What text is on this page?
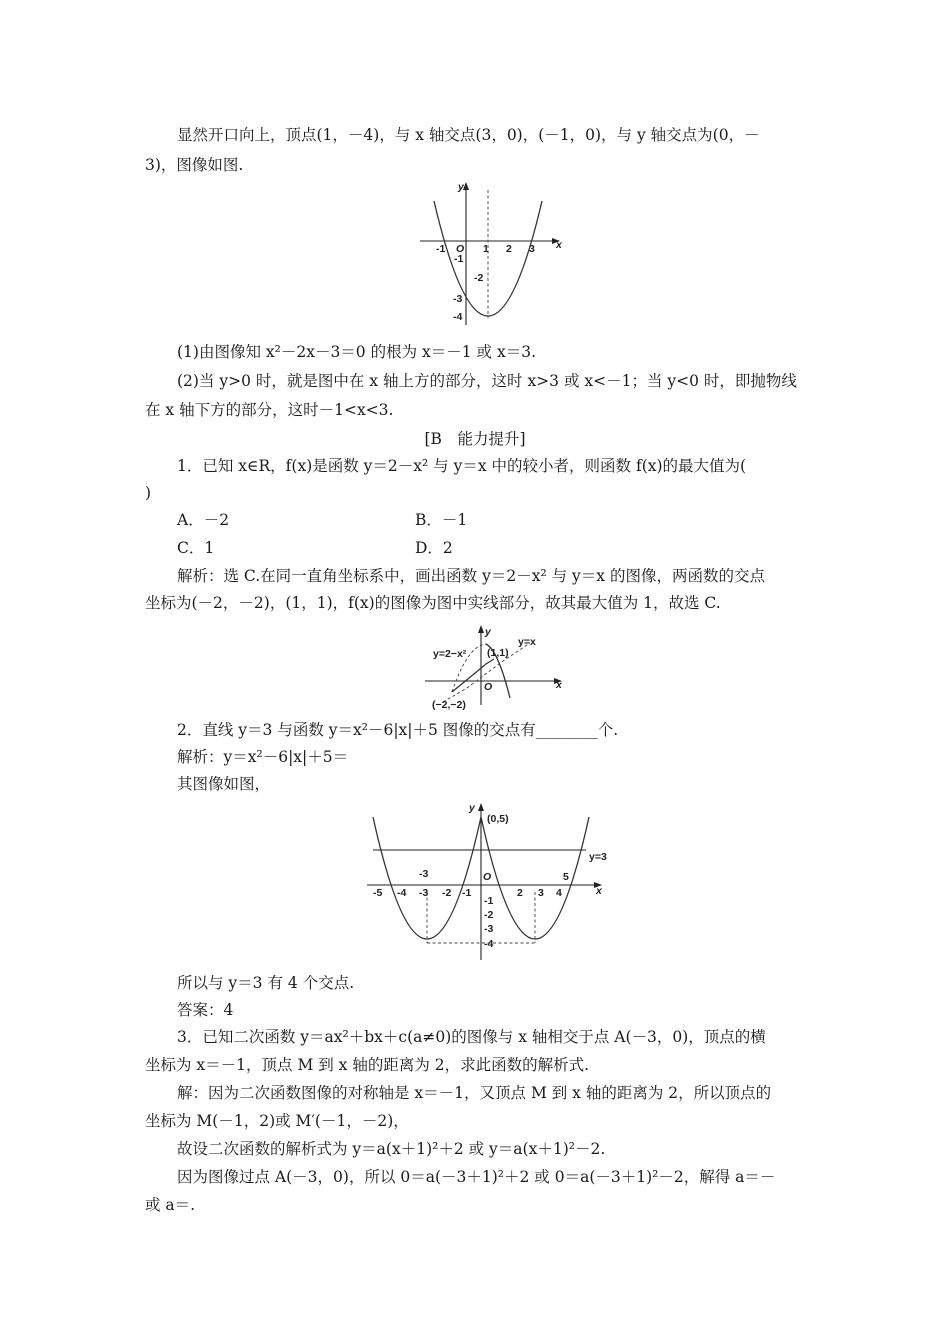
显然开口向上，顶点(1，－4)，与 x 轴交点(3，0)，(－1，0)，与 y 轴交点为(0，－
3)，图像如图.
y
x
O
-1	1 2 3
-1
-2
-3
-4
(1)由图像知 x²－2x－3＝0 的根为 x＝－1 或 x＝3.
(2)当 y>0 时，就是图中在 x 轴上方的部分，这时 x>3 或 x<－1；当 y<0 时，即抛物线
在 x 轴下方的部分，这时－1<x<3.
[B　能力提升]
1．已知 x∈R，f(x)是函数 y＝2－x² 与 y＝x 中的较小者，则函数 f(x)的最大值为(
)
A．－2	B．－1
C．1	D．2
解析：选 C.在同一直角坐标系中，画出函数 y＝2－x² 与 y＝x 的图像，两函数的交点
坐标为(－2，－2)，(1，1)，f(x)的图像为图中实线部分，故其最大值为 1，故选 C.
y
x
O
y=2−x²
y=x
(1,1)
(−2,−2)
2．直线 y＝3 与函数 y＝x²－6|x|＋5 图像的交点有________个.
解析：y＝x²－6|x|＋5＝
其图像如图，
y
x
O
(0,5)
y=3
-3	5
-5 -4 -3 -2 -1	2 3 4
-1
-2
-3
-4
所以与 y＝3 有 4 个交点.
答案：4
3．已知二次函数 y＝ax²＋bx＋c(a≠0)的图像与 x 轴相交于点 A(－3，0)，顶点的横
坐标为 x＝－1，顶点 M 到 x 轴的距离为 2，求此函数的解析式.
解：因为二次函数图像的对称轴是 x＝－1，又顶点 M 到 x 轴的距离为 2，所以顶点的
坐标为 M(－1，2)或 M′(－1，－2)，
故设二次函数的解析式为 y＝a(x＋1)²＋2 或 y＝a(x＋1)²－2.
因为图像过点 A(－3，0)，所以 0＝a(－3＋1)²＋2 或 0＝a(－3＋1)²－2，解得 a＝－
或 a＝.
